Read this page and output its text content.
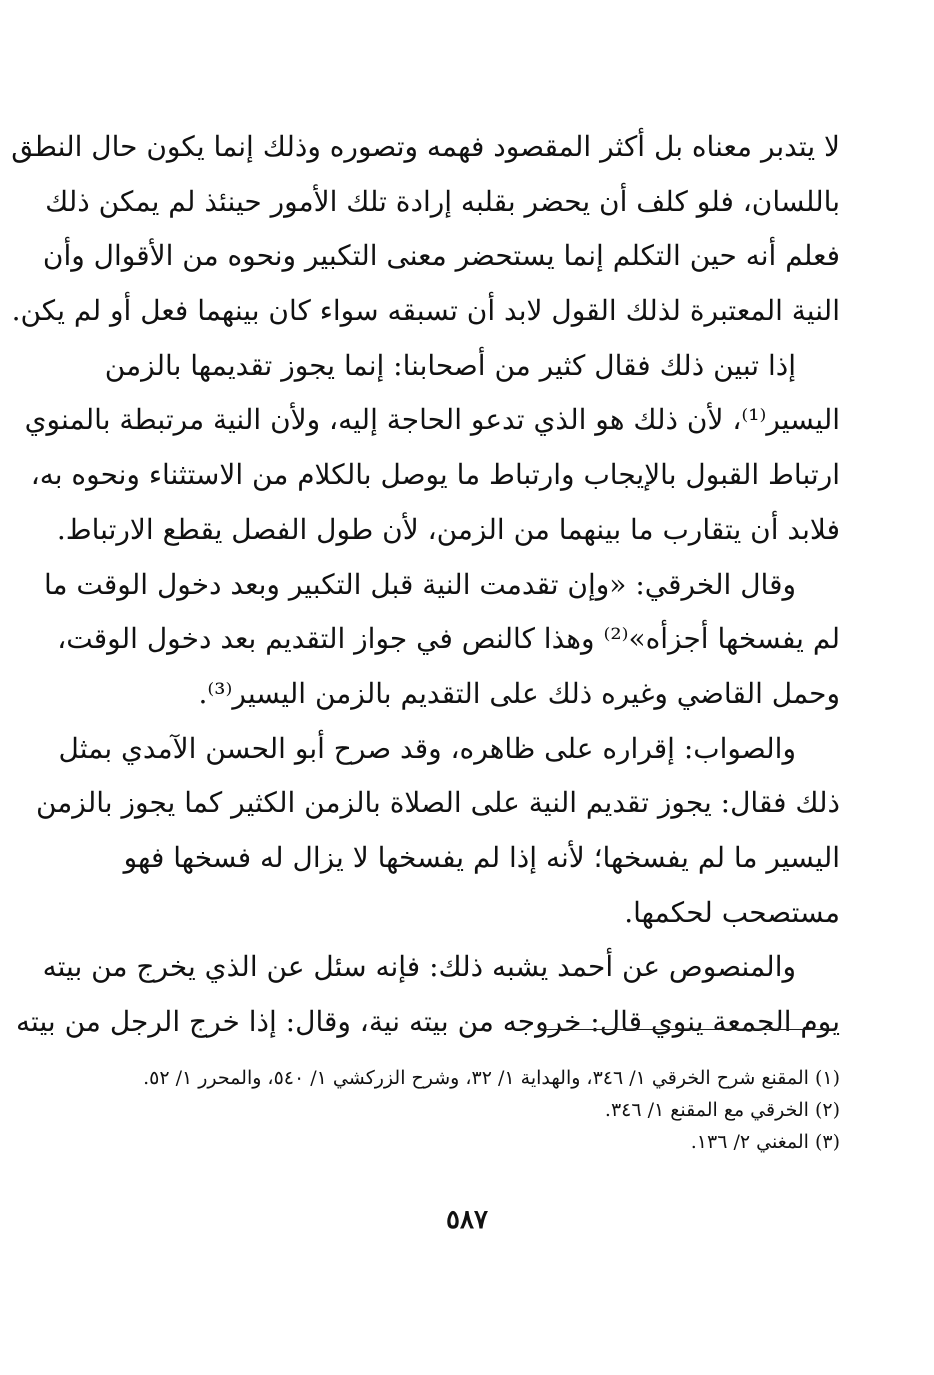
لا يتدبر معناه بل أكثر المقصود فهمه وتصوره وذلك إنما يكون حال النطق
باللسان، فلو كلف أن يحضر بقلبه إرادة تلك الأمور حينئذ لم يمكن ذلك
فعلم أنه حين التكلم إنما يستحضر معنى التكبير ونحوه من الأقوال وأن
النية المعتبرة لذلك القول لابد أن تسبقه سواء كان بينهما فعل أو لم يكن.
إذا تبين ذلك فقال كثير من أصحابنا: إنما يجوز تقديمها بالزمن
اليسير⁽¹⁾، لأن ذلك هو الذي تدعو الحاجة إليه، ولأن النية مرتبطة بالمنوي
ارتباط القبول بالإيجاب وارتباط ما يوصل بالكلام من الاستثناء ونحوه به،
فلابد أن يتقارب ما بينهما من الزمن، لأن طول الفصل يقطع الارتباط.
وقال الخرقي: «وإن تقدمت النية قبل التكبير وبعد دخول الوقت ما
لم يفسخها أجزأه»⁽²⁾ وهذا كالنص في جواز التقديم بعد دخول الوقت،
وحمل القاضي وغيره ذلك على التقديم بالزمن اليسير⁽³⁾.
والصواب: إقراره على ظاهره، وقد صرح أبو الحسن الآمدي بمثل
ذلك فقال: يجوز تقديم النية على الصلاة بالزمن الكثير كما يجوز بالزمن
اليسير ما لم يفسخها؛ لأنه إذا لم يفسخها لا يزال له فسخها فهو
مستصحب لحكمها.
والمنصوص عن أحمد يشبه ذلك: فإنه سئل عن الذي يخرج من بيته
يوم الجمعة ينوي قال: خروجه من بيته نية، وقال: إذا خرج الرجل من بيته
(١) المقنع شرح الخرقي ١/ ٣٤٦، والهداية ١/ ٣٢، وشرح الزركشي ١/ ٥٤٠، والمحرر ١/ ٥٢.
(٢) الخرقي مع المقنع ١/ ٣٤٦.
(٣) المغني ٢/ ١٣٦.
٥٨٧
